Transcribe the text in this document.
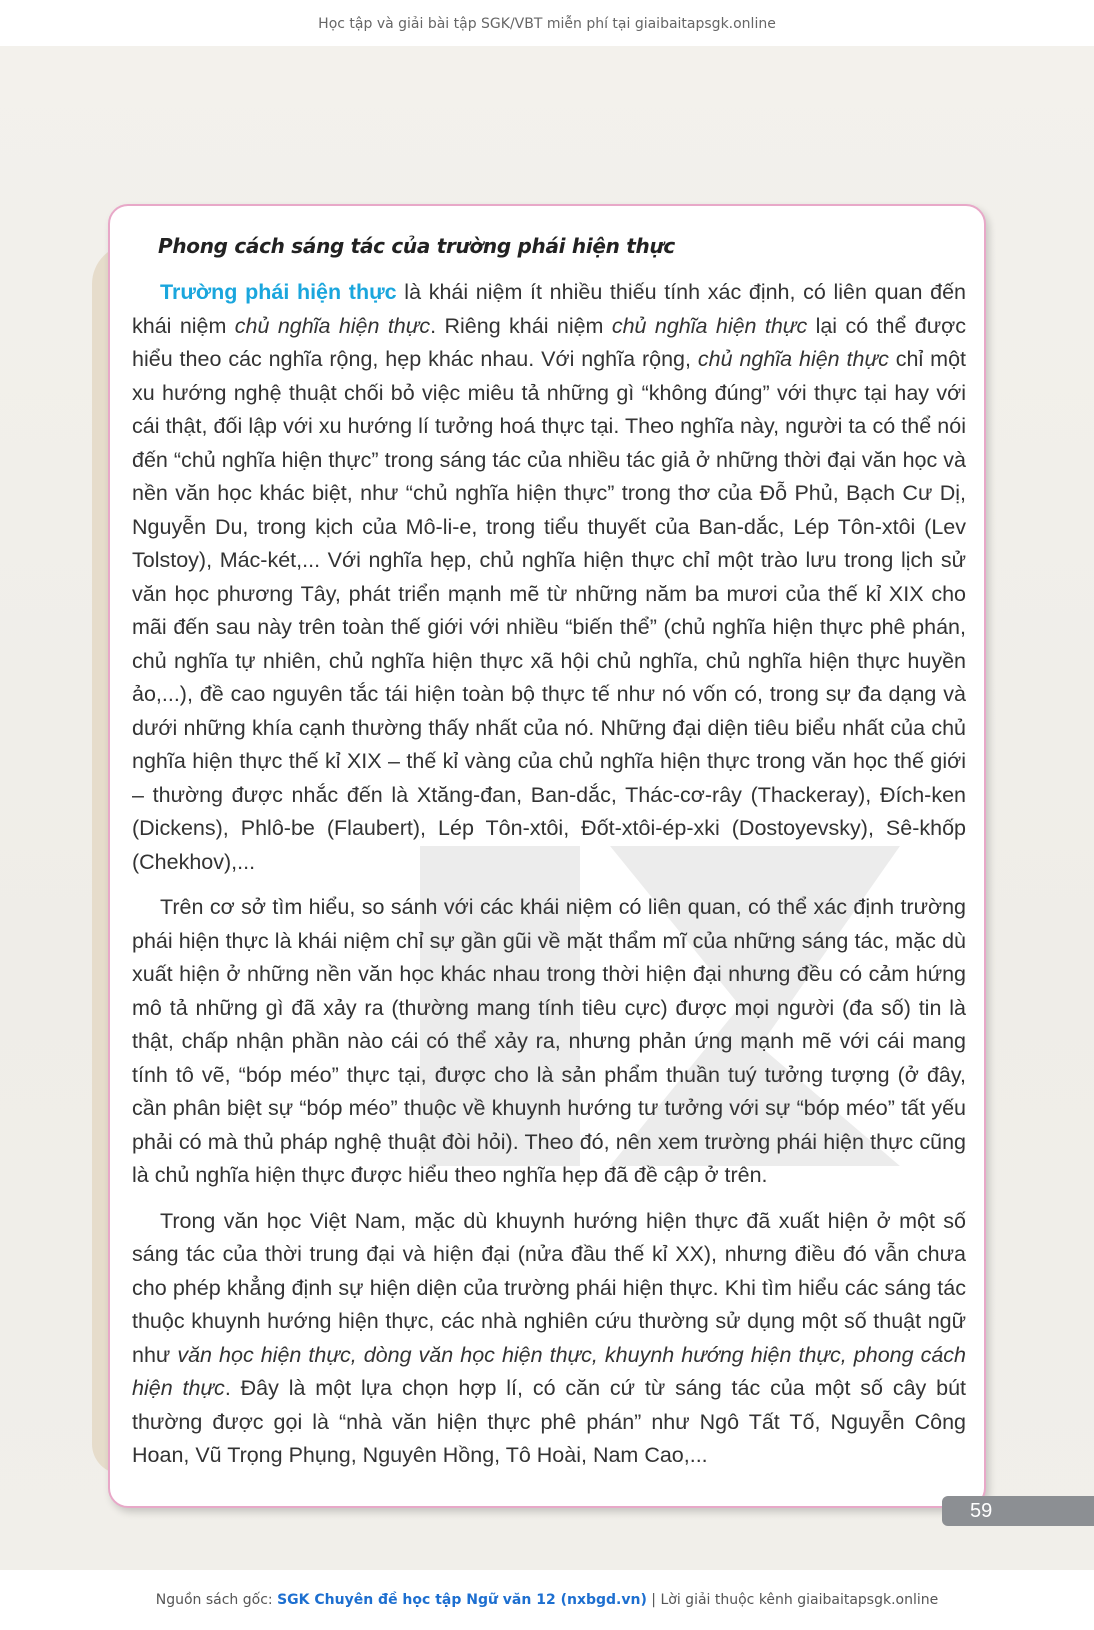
Học tập và giải bài tập SGK/VBT miễn phí tại giaibaitapsgk.online
Phong cách sáng tác của trường phái hiện thực

Trường phái hiện thực là khái niệm ít nhiều thiếu tính xác định, có liên quan đến khái niệm chủ nghĩa hiện thực. Riêng khái niệm chủ nghĩa hiện thực lại có thể được hiểu theo các nghĩa rộng, hẹp khác nhau. Với nghĩa rộng, chủ nghĩa hiện thực chỉ một xu hướng nghệ thuật chối bỏ việc miêu tả những gì “không đúng” với thực tại hay với cái thật, đối lập với xu hướng lí tưởng hoá thực tại. Theo nghĩa này, người ta có thể nói đến “chủ nghĩa hiện thực” trong sáng tác của nhiều tác giả ở những thời đại văn học và nền văn học khác biệt, như “chủ nghĩa hiện thực” trong thơ của Đỗ Phủ, Bạch Cư Dị, Nguyễn Du, trong kịch của Mô-li-e, trong tiểu thuyết của Ban-dắc, Lép Tôn-xtôi (Lev Tolstoy), Mác-két,... Với nghĩa hẹp, chủ nghĩa hiện thực chỉ một trào lưu trong lịch sử văn học phương Tây, phát triển mạnh mẽ từ những năm ba mươi của thế kỉ XIX cho mãi đến sau này trên toàn thế giới với nhiều “biến thể” (chủ nghĩa hiện thực phê phán, chủ nghĩa tự nhiên, chủ nghĩa hiện thực xã hội chủ nghĩa, chủ nghĩa hiện thực huyền ảo,...), đề cao nguyên tắc tái hiện toàn bộ thực tế như nó vốn có, trong sự đa dạng và dưới những khía cạnh thường thấy nhất của nó. Những đại diện tiêu biểu nhất của chủ nghĩa hiện thực thế kỉ XIX – thế kỉ vàng của chủ nghĩa hiện thực trong văn học thế giới – thường được nhắc đến là Xtăng-đan, Ban-dắc, Thác-cơ-rây (Thackeray), Đích-ken (Dickens), Phlô-be (Flaubert), Lép Tôn-xtôi, Đốt-xtôi-ép-xki (Dostoyevsky), Sê-khốp (Chekhov),...

Trên cơ sở tìm hiểu, so sánh với các khái niệm có liên quan, có thể xác định trường phái hiện thực là khái niệm chỉ sự gần gũi về mặt thẩm mĩ của những sáng tác, mặc dù xuất hiện ở những nền văn học khác nhau trong thời hiện đại nhưng đều có cảm hứng mô tả những gì đã xảy ra (thường mang tính tiêu cực) được mọi người (đa số) tin là thật, chấp nhận phần nào cái có thể xảy ra, nhưng phản ứng mạnh mẽ với cái mang tính tô vẽ, “bóp méo” thực tại, được cho là sản phẩm thuần tuý tưởng tượng (ở đây, cần phân biệt sự “bóp méo” thuộc về khuynh hướng tư tưởng với sự “bóp méo” tất yếu phải có mà thủ pháp nghệ thuật đòi hỏi). Theo đó, nên xem trường phái hiện thực cũng là chủ nghĩa hiện thực được hiểu theo nghĩa hẹp đã đề cập ở trên.

Trong văn học Việt Nam, mặc dù khuynh hướng hiện thực đã xuất hiện ở một số sáng tác của thời trung đại và hiện đại (nửa đầu thế kỉ XX), nhưng điều đó vẫn chưa cho phép khẳng định sự hiện diện của trường phái hiện thực. Khi tìm hiểu các sáng tác thuộc khuynh hướng hiện thực, các nhà nghiên cứu thường sử dụng một số thuật ngữ như văn học hiện thực, dòng văn học hiện thực, khuynh hướng hiện thực, phong cách hiện thực. Đây là một lựa chọn hợp lí, có căn cứ từ sáng tác của một số cây bút thường được gọi là “nhà văn hiện thực phê phán” như Ngô Tất Tố, Nguyễn Công Hoan, Vũ Trọng Phụng, Nguyên Hồng, Tô Hoài, Nam Cao,...

59
Nguồn sách gốc: SGK Chuyên đề học tập Ngữ văn 12 (nxbgd.vn) | Lời giải thuộc kênh giaibaitapsgk.online
